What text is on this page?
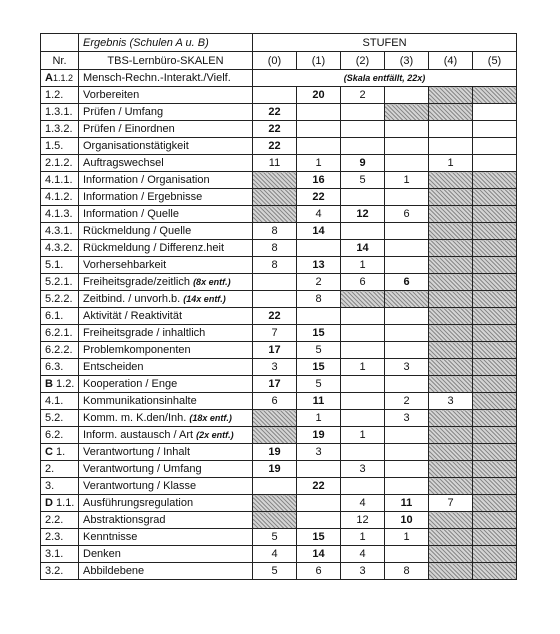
	Ergebnis (Schulen A u. B)	STUFEN					
Nr.	TBS-Lernbüro-SKALEN	(0)	(1)	(2)	(3)	(4)	(5)
A1.1.2	Mensch-Rechn.-Interakt./Vielf.	(Skala entfällt, 22x)					
1.2.	Vorbereiten		20	2			
1.3.1.	Prüfen / Umfang	22					
1.3.2.	Prüfen / Einordnen	22					
1.5.	Organisationstätigkeit	22					
2.1.2.	Auftragswechsel	11	1	9		1	
4.1.1.	Information / Organisation		16	5	1		
4.1.2.	Information / Ergebnisse		22				
4.1.3.	Information / Quelle		4	12	6		
4.3.1.	Rückmeldung / Quelle	8	14				
4.3.2.	Rückmeldung / Differenz.heit	8		14			
5.1.	Vorhersehbarkeit	8	13	1			
5.2.1.	Freiheitsgrade/zeitlich (8x entf.)		2	6	6		
5.2.2.	Zeitbind. / unvorh.b. (14x entf.)		8				
6.1.	Aktivität / Reaktivität	22					
6.2.1.	Freiheitsgrade / inhaltlich	7	15				
6.2.2.	Problemkomponenten	17	5				
6.3.	Entscheiden	3	15	1	3		
B 1.2.	Kooperation / Enge	17	5				
4.1.	Kommunikationsinhalte	6	11		2	3	
5.2.	Komm. m. K.den/Inh. (18x entf.)		1		3		
6.2.	Inform. austausch / Art (2x entf.)		19	1			
C 1.	Verantwortung / Inhalt	19	3				
2.	Verantwortung / Umfang	19		3			
3.	Verantwortung / Klasse		22				
D 1.1.	Ausführungsregulation			4	11	7	
2.2.	Abstraktionsgrad			12	10		
2.3.	Kenntnisse	5	15	1	1		
3.1.	Denken	4	14	4			
3.2.	Abbildebene	5	6	3	8		
